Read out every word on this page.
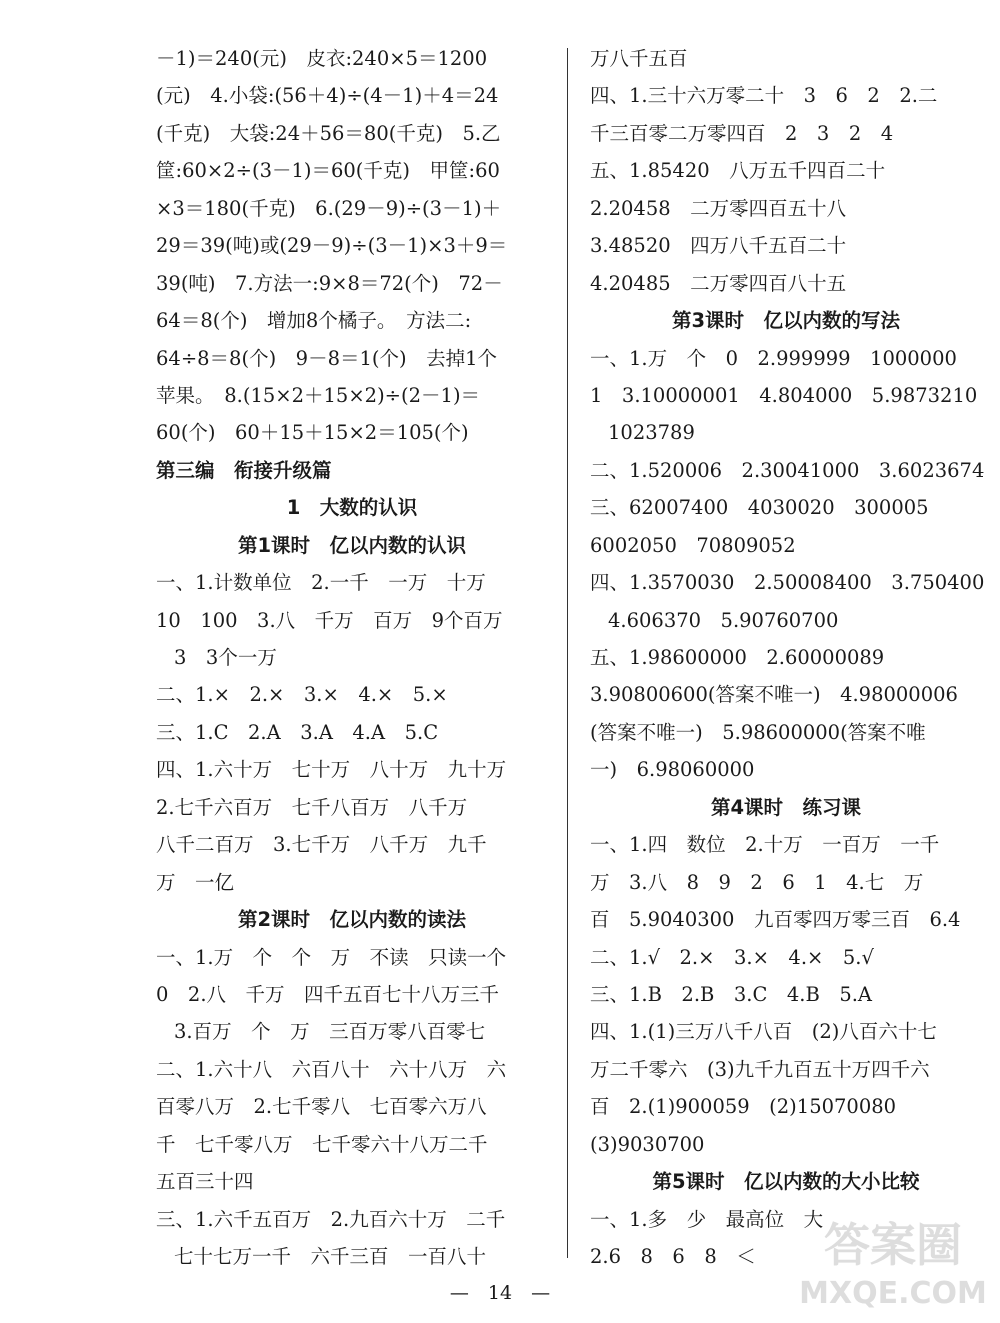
－1)＝240(元)　皮衣:240×5＝1200
(元)　4.小袋:(56＋4)÷(4－1)＋4＝24
(千克)　大袋:24＋56＝80(千克)　5.乙
筐:60×2÷(3－1)＝60(千克)　甲筐:60
×3＝180(千克)　6.(29－9)÷(3－1)＋
29＝39(吨)或(29－9)÷(3－1)×3＋9＝
39(吨)　7.方法一:9×8＝72(个)　72－
64＝8(个)　增加8个橘子。　方法二:
64÷8＝8(个)　9－8＝1(个)　去掉1个
苹果。　8.(15×2＋15×2)÷(2－1)＝
60(个)　60＋15＋15×2＝105(个)
第三编　衔接升级篇
1　大数的认识
第1课时　亿以内数的认识
一、1.计数单位　2.一千　一万　十万
10　100　3.八　千万　百万　9个百万
3　3个一万
二、1.×　2.×　3.×　4.×　5.×
三、1.C　2.A　3.A　4.A　5.C
四、1.六十万　七十万　八十万　九十万
2.七千六百万　七千八百万　八千万
八千二百万　3.七千万　八千万　九千
万　一亿
第2课时　亿以内数的读法
一、1.万　个　个　万　不读　只读一个
0　2.八　千万　四千五百七十八万三千
3.百万　个　万　三百万零八百零七
二、1.六十八　六百八十　六十八万　六
百零八万　2.七千零八　七百零六万八
千　七千零八万　七千零六十八万二千
五百三十四
三、1.六千五百万　2.九百六十万　二千
七十七万一千　六千三百　一百八十
万八千五百
四、1.三十六万零二十　3　6　2　2.二
千三百零二万零四百　2　3　2　4
五、1.85420　八万五千四百二十
2.20458　二万零四百五十八
3.48520　四万八千五百二十
4.20485　二万零四百八十五
第3课时　亿以内数的写法
一、1.万　个　0　2.999999　1000000
1　3.10000001　4.804000　5.9873210
1023789
二、1.520006　2.30041000　3.6023674
三、62007400　4030020　300005
6002050　70809052
四、1.3570030　2.50008400　3.750400
4.606370　5.90760700
五、1.98600000　2.60000089
3.90800600(答案不唯一)　4.98000006
(答案不唯一)　5.98600000(答案不唯
一)　6.98060000
第4课时　练习课
一、1.四　数位　2.十万　一百万　一千
万　3.八　8　9　2　6　1　4.七　万
百　5.9040300　九百零四万零三百　6.4
二、1.√　2.×　3.×　4.×　5.√
三、1.B　2.B　3.C　4.B　5.A
四、1.(1)三万八千八百　(2)八百六十七
万二千零六　(3)九千九百五十万四千六
百　2.(1)900059　(2)15070080
(3)9030700
第5课时　亿以内数的大小比较
一、1.多　少　最高位　大
2.6　8　6　8　＜
—　14　—
答案圈
MXQE.COM
